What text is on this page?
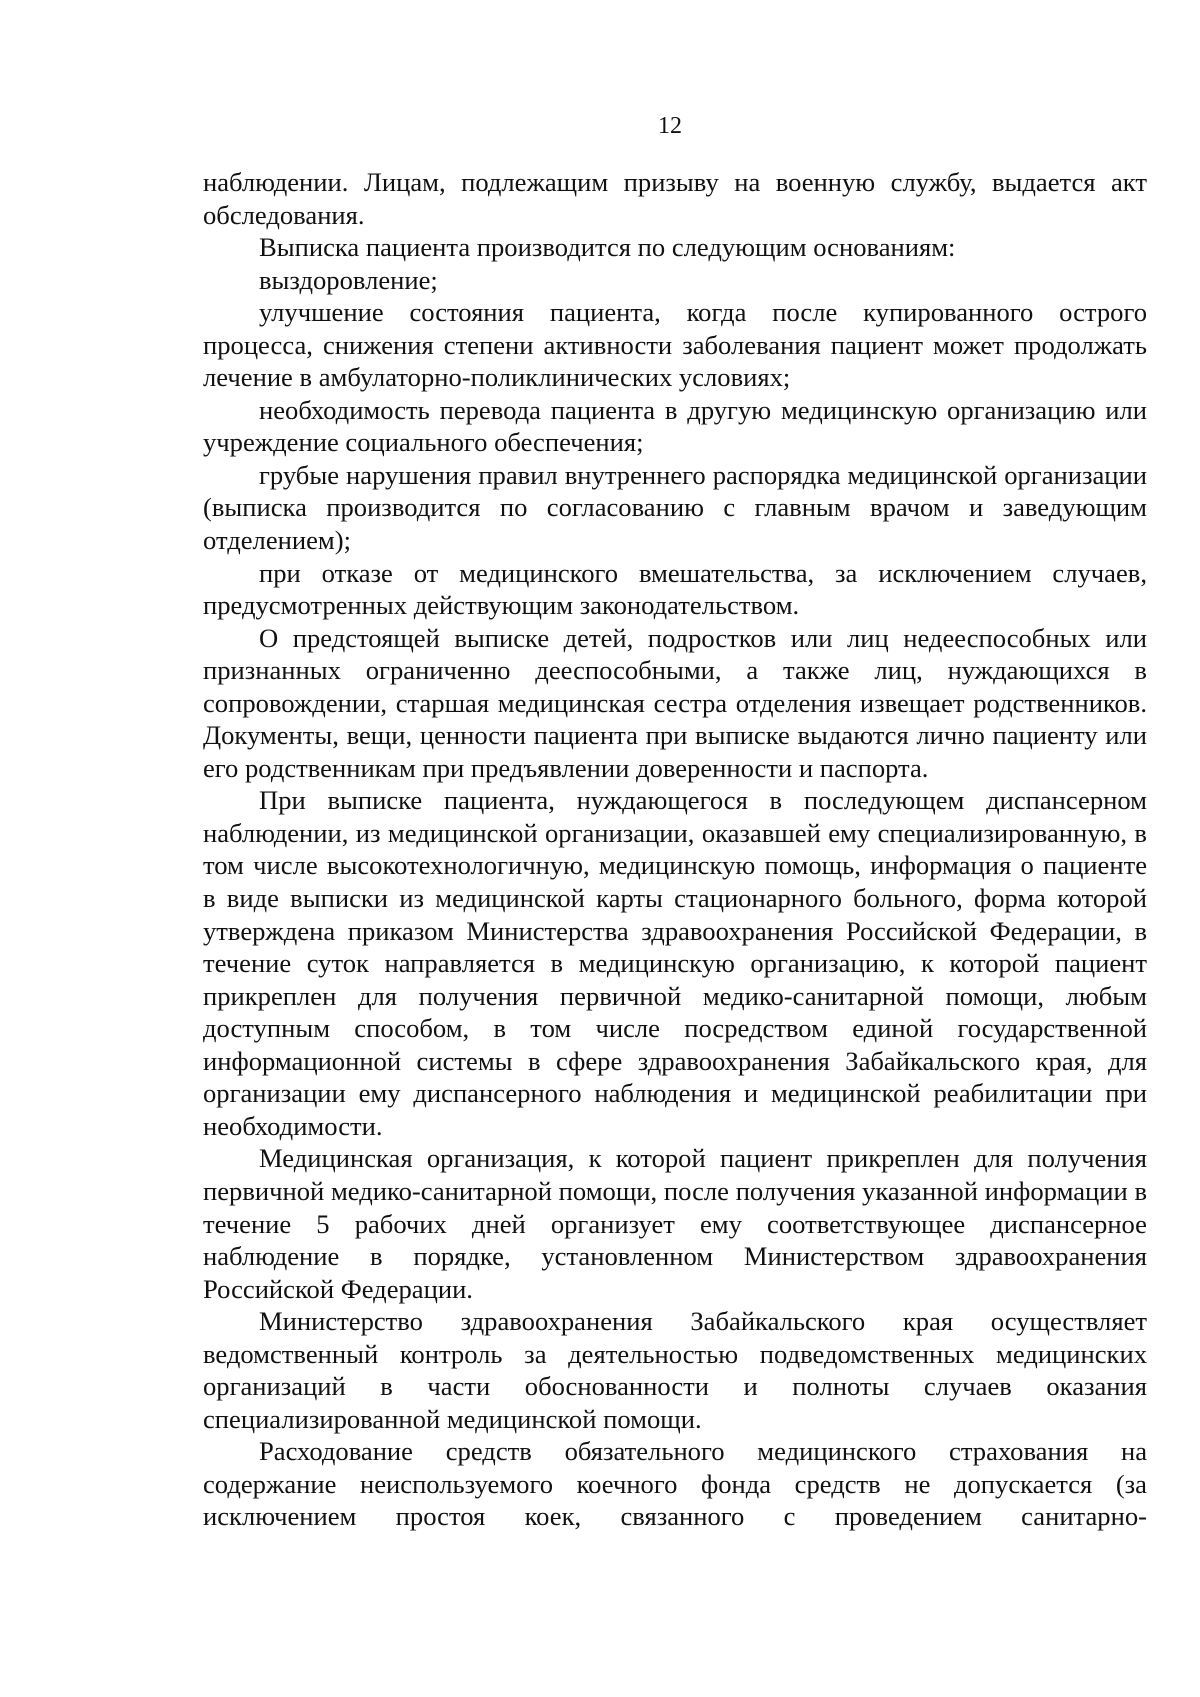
12

наблюдении. Лицам, подлежащим призыву на военную службу, выдается акт обследования.

Выписка пациента производится по следующим основаниям:

выздоровление;

улучшение состояния пациента, когда после купированного острого процесса, снижения степени активности заболевания пациент может продолжать лечение в амбулаторно-поликлинических условиях;

необходимость перевода пациента в другую медицинскую организацию или учреждение социального обеспечения;

грубые нарушения правил внутреннего распорядка медицинской организации (выписка производится по согласованию с главным врачом и заведующим отделением);

при отказе от медицинского вмешательства, за исключением случаев, предусмотренных действующим законодательством.

О предстоящей выписке детей, подростков или лиц недееспособных или признанных ограниченно дееспособными, а также лиц, нуждающихся в сопровождении, старшая медицинская сестра отделения извещает родственников. Документы, вещи, ценности пациента при выписке выдаются лично пациенту или его родственникам при предъявлении доверенности и паспорта.

При выписке пациента, нуждающегося в последующем диспансерном наблюдении, из медицинской организации, оказавшей ему специализированную, в том числе высокотехнологичную, медицинскую помощь, информация о пациенте в виде выписки из медицинской карты стационарного больного, форма которой утверждена приказом Министерства здравоохранения Российской Федерации, в течение суток направляется в медицинскую организацию, к которой пациент прикреплен для получения первичной медико-санитарной помощи, любым доступным способом, в том числе посредством единой государственной информационной системы в сфере здравоохранения Забайкальского края, для организации ему диспансерного наблюдения и медицинской реабилитации при необходимости.

Медицинская организация, к которой пациент прикреплен для получения первичной медико-санитарной помощи, после получения указанной информации в течение 5 рабочих дней организует ему соответствующее диспансерное наблюдение в порядке, установленном Министерством здравоохранения Российской Федерации.

Министерство здравоохранения Забайкальского края осуществляет ведомственный контроль за деятельностью подведомственных медицинских организаций в части обоснованности и полноты случаев оказания специализированной медицинской помощи.

Расходование средств обязательного медицинского страхования на содержание неиспользуемого коечного фонда средств не допускается (за исключением простоя коек, связанного с проведением санитарно-
